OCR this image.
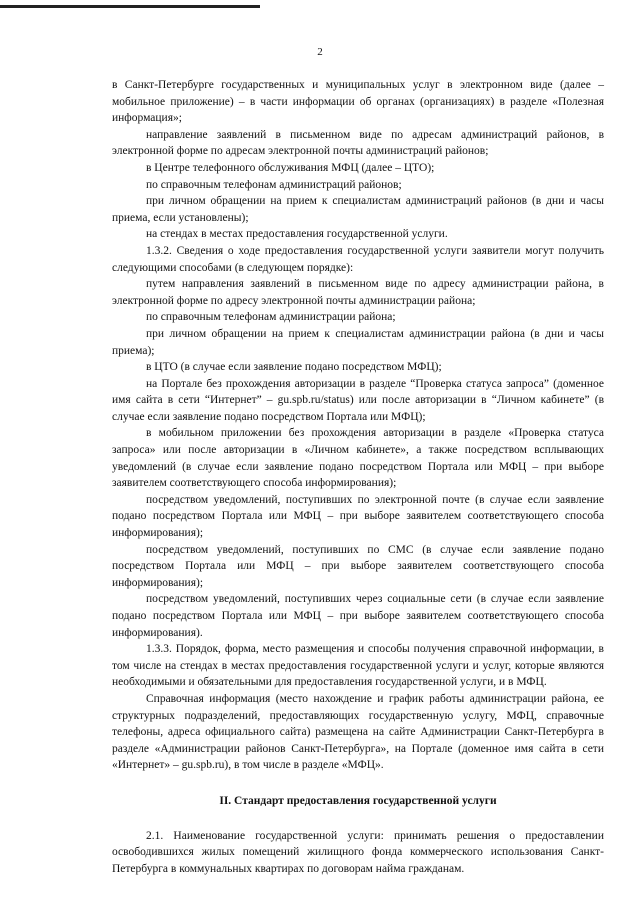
2

в Санкт-Петербурге государственных и муниципальных услуг в электронном виде (далее – мобильное приложение) – в части информации об органах (организациях) в разделе «Полезная информация»;

направление заявлений в письменном виде по адресам администраций районов, в электронной форме по адресам электронной почты администраций районов;

в Центре телефонного обслуживания МФЦ (далее – ЦТО);

по справочным телефонам администраций районов;

при личном обращении на прием к специалистам администраций районов (в дни и часы приема, если установлены);

на стендах в местах предоставления государственной услуги.

1.3.2. Сведения о ходе предоставления государственной услуги заявители могут получить следующими способами (в следующем порядке):

путем направления заявлений в письменном виде по адресу администрации района, в электронной форме по адресу электронной почты администрации района;

по справочным телефонам администрации района;

при личном обращении на прием к специалистам администрации района (в дни и часы приема);

в ЦТО (в случае если заявление подано посредством МФЦ);

на Портале без прохождения авторизации в разделе “Проверка статуса запроса” (доменное имя сайта в сети “Интернет” – gu.spb.ru/status) или после авторизации в “Личном кабинете” (в случае если заявление подано посредством Портала или МФЦ);

в мобильном приложении без прохождения авторизации в разделе «Проверка статуса запроса» или после авторизации в «Личном кабинете», а также посредством всплывающих уведомлений (в случае если заявление подано посредством Портала или МФЦ – при выборе заявителем соответствующего способа информирования);

посредством уведомлений, поступивших по электронной почте (в случае если заявление подано посредством Портала или МФЦ – при выборе заявителем соответствующего способа информирования);

посредством уведомлений, поступивших по СМС (в случае если заявление подано посредством Портала или МФЦ – при выборе заявителем соответствующего способа информирования);

посредством уведомлений, поступивших через социальные сети (в случае если заявление подано посредством Портала или МФЦ – при выборе заявителем соответствующего способа информирования).

1.3.3. Порядок, форма, место размещения и способы получения справочной информации, в том числе на стендах в местах предоставления государственной услуги и услуг, которые являются необходимыми и обязательными для предоставления государственной услуги, и в МФЦ.

Справочная информация (место нахождение и график работы администрации района, ее структурных подразделений, предоставляющих государственную услугу, МФЦ, справочные телефоны, адреса официального сайта) размещена на сайте Администрации Санкт-Петербурга в разделе «Администрации районов Санкт-Петербурга», на Портале (доменное имя сайта в сети «Интернет» – gu.spb.ru), в том числе в разделе «МФЦ».

II. Стандарт предоставления государственной услуги

2.1. Наименование государственной услуги: принимать решения о предоставлении освободившихся жилых помещений жилищного фонда коммерческого использования Санкт-Петербурга в коммунальных квартирах по договорам найма гражданам.
